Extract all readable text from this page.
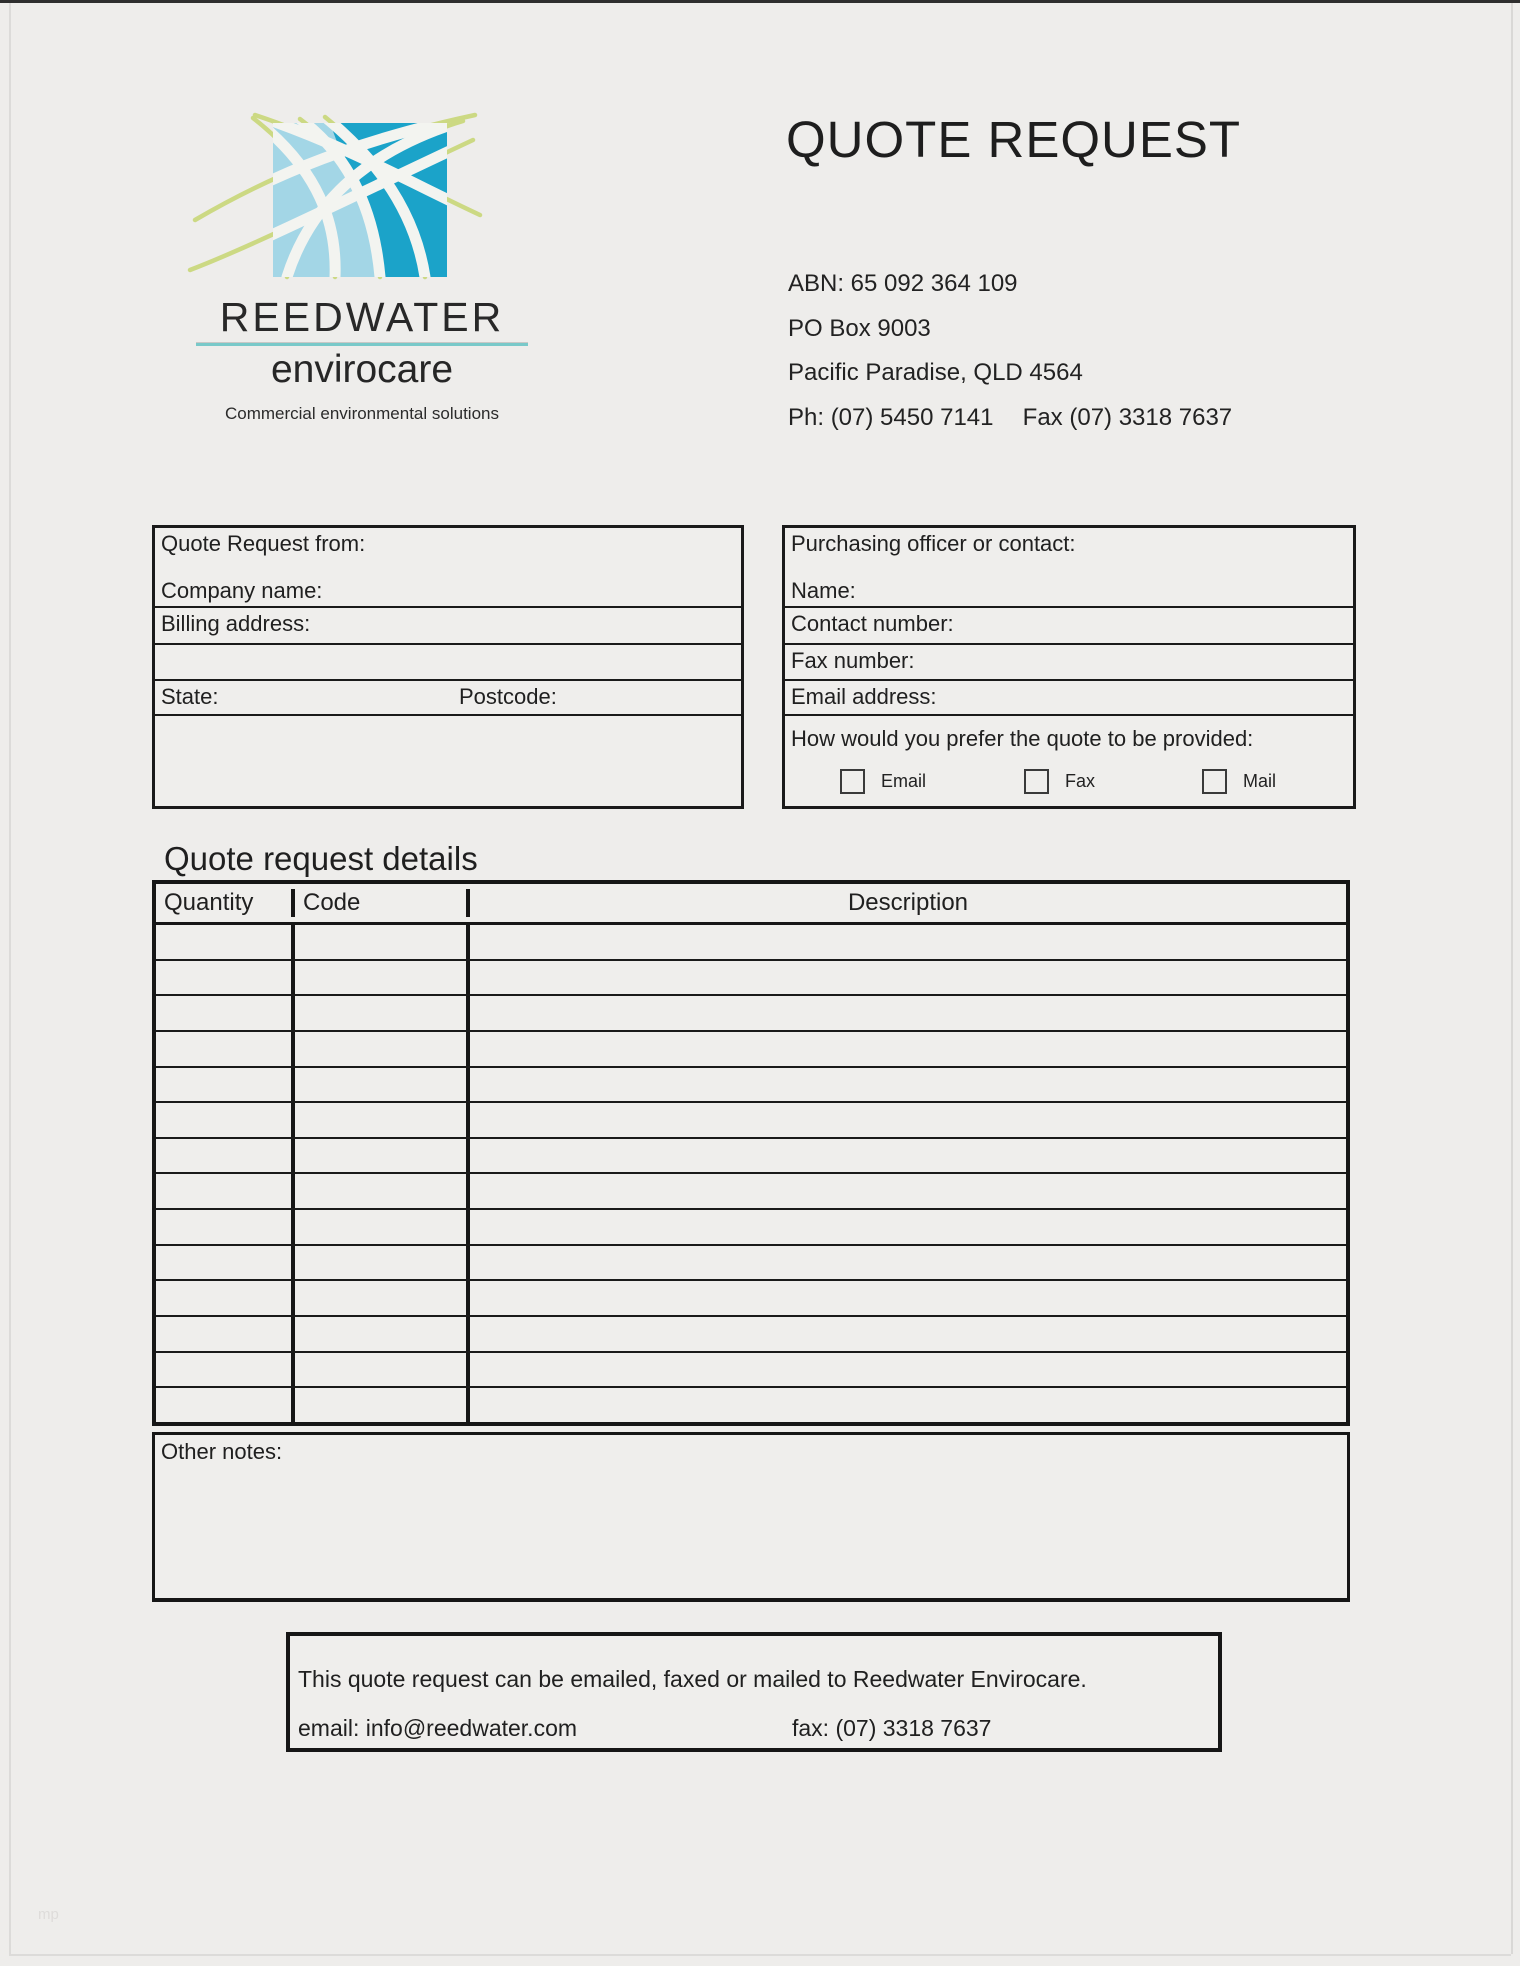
mp
REEDWATER
envirocare
Commercial environmental solutions
QUOTE REQUEST
ABN: 65 092 364 109
PO Box 9003
Pacific Paradise, QLD 4564
Ph: (07) 5450 7141 Fax (07) 3318 7637
Quote Request from:
Company name:
Billing address:
State:	Postcode:
Purchasing officer or contact:
Name:
Contact number:
Fax number:
Email address:
How would you prefer the quote to be provided:
Email	Fax	Mail
Quote request details
Quantity	Code	Description
Other notes:
This quote request can be emailed, faxed or mailed to Reedwater Envirocare.
email: info@reedwater.com	fax: (07) 3318 7637
